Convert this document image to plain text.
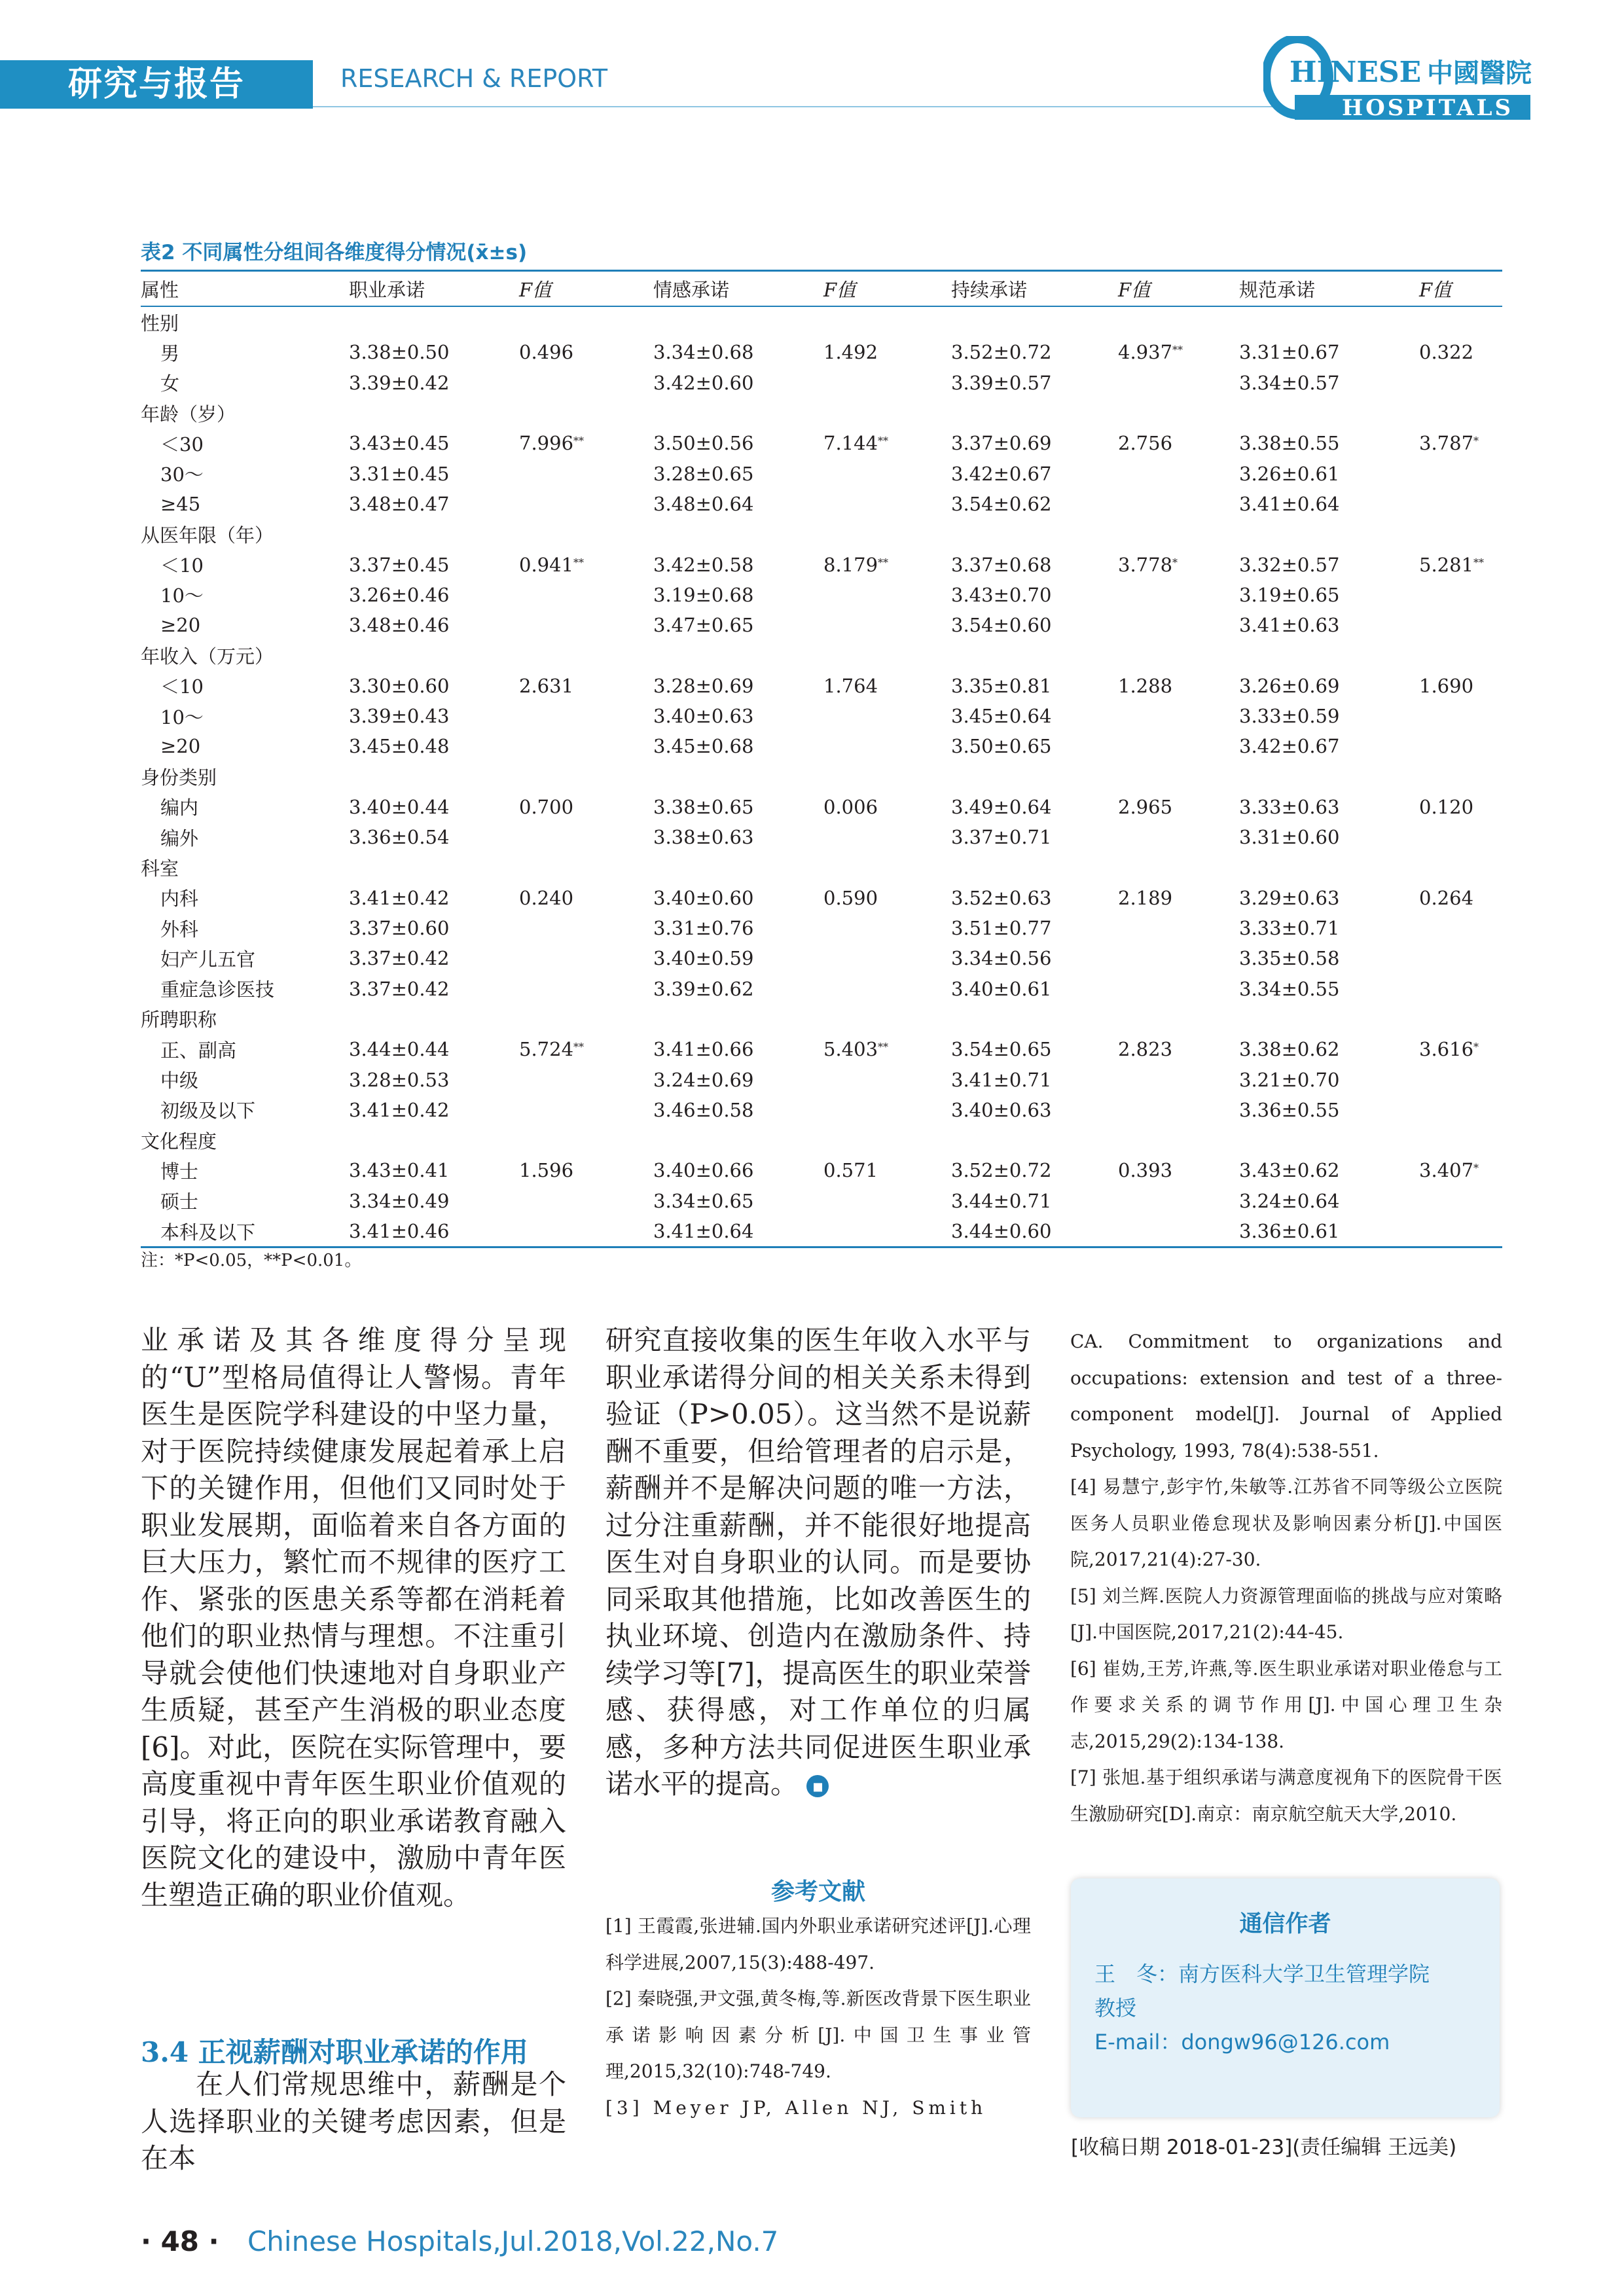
研究与报告	RESEARCH & REPORT	HINESE 中國醫院
HOSPITALS
表2 不同属性分组间各维度得分情况(x̄±s)
属性	职业承诺	F值	情感承诺	F值	持续承诺	F值	规范承诺	F值
性别								
男	3.38±0.50	0.496	3.34±0.68	1.492	3.52±0.72	4.937**	3.31±0.67	0.322
女	3.39±0.42		3.42±0.60		3.39±0.57		3.34±0.57	
年龄（岁）								
＜30	3.43±0.45	7.996**	3.50±0.56	7.144**	3.37±0.69	2.756	3.38±0.55	3.787*
30～	3.31±0.45		3.28±0.65		3.42±0.67		3.26±0.61	
≥45	3.48±0.47		3.48±0.64		3.54±0.62		3.41±0.64	
从医年限（年）								
＜10	3.37±0.45	0.941**	3.42±0.58	8.179**	3.37±0.68	3.778*	3.32±0.57	5.281**
10～	3.26±0.46		3.19±0.68		3.43±0.70		3.19±0.65	
≥20	3.48±0.46		3.47±0.65		3.54±0.60		3.41±0.63	
年收入（万元）								
＜10	3.30±0.60	2.631	3.28±0.69	1.764	3.35±0.81	1.288	3.26±0.69	1.690
10～	3.39±0.43		3.40±0.63		3.45±0.64		3.33±0.59	
≥20	3.45±0.48		3.45±0.68		3.50±0.65		3.42±0.67	
身份类别								
编内	3.40±0.44	0.700	3.38±0.65	0.006	3.49±0.64	2.965	3.33±0.63	0.120
编外	3.36±0.54		3.38±0.63		3.37±0.71		3.31±0.60	
科室								
内科	3.41±0.42	0.240	3.40±0.60	0.590	3.52±0.63	2.189	3.29±0.63	0.264
外科	3.37±0.60		3.31±0.76		3.51±0.77		3.33±0.71	
妇产儿五官	3.37±0.42		3.40±0.59		3.34±0.56		3.35±0.58	
重症急诊医技	3.37±0.42		3.39±0.62		3.40±0.61		3.34±0.55	
所聘职称								
正、副高	3.44±0.44	5.724**	3.41±0.66	5.403**	3.54±0.65	2.823	3.38±0.62	3.616*
中级	3.28±0.53		3.24±0.69		3.41±0.71		3.21±0.70	
初级及以下	3.41±0.42		3.46±0.58		3.40±0.63		3.36±0.55	
文化程度								
博士	3.43±0.41	1.596	3.40±0.66	0.571	3.52±0.72	0.393	3.43±0.62	3.407*
硕士	3.34±0.49		3.34±0.65		3.44±0.71		3.24±0.64	
本科及以下	3.41±0.46		3.41±0.64		3.44±0.60		3.36±0.61	
注：*P<0.05，**P<0.01。

业承诺及其各维度得分呈现的“U”型格局值得让人警惕。青年医生是医院学科建设的中坚力量，对于医院持续健康发展起着承上启下的关键作用，但他们又同时处于职业发展期，面临着来自各方面的巨大压力，繁忙而不规律的医疗工作、紧张的医患关系等都在消耗着他们的职业热情与理想。不注重引导就会使他们快速地对自身职业产生质疑，甚至产生消极的职业态度[6]。对此，医院在实际管理中，要高度重视中青年医生职业价值观的引导，将正向的职业承诺教育融入医院文化的建设中，激励中青年医生塑造正确的职业价值观。

3.4 正视薪酬对职业承诺的作用

在人们常规思维中，薪酬是个人选择职业的关键考虑因素，但是在本

研究直接收集的医生年收入水平与职业承诺得分间的相关关系未得到验证（P>0.05）。这当然不是说薪酬不重要，但给管理者的启示是，薪酬并不是解决问题的唯一方法，过分注重薪酬，并不能很好地提高医生对自身职业的认同。而是要协同采取其他措施，比如改善医生的执业环境、创造内在激励条件、持续学习等[7]，提高医生的职业荣誉感、获得感，对工作单位的归属感，多种方法共同促进医生职业承诺水平的提高。 ◼

参考文献

[1] 王霞霞,张进辅.国内外职业承诺研究述评[J].心理科学进展,2007,15(3):488-497.

[2] 秦晓强,尹文强,黄冬梅,等.新医改背景下医生职业承诺影响因素分析[J].中国卫生事业管理,2015,32(10):748-749.

[3] Meyer JP, Allen NJ, Smith

CA. Commitment to organizations and occupations: extension and test of a three-component model[J]. Journal of Applied Psychology, 1993, 78(4):538-551.

[4] 易慧宁,彭宇竹,朱敏等.江苏省不同等级公立医院医务人员职业倦怠现状及影响因素分析[J].中国医院,2017,21(4):27-30.

[5] 刘兰辉.医院人力资源管理面临的挑战与应对策略[J].中国医院,2017,21(2):44-45.

[6] 崔妫,王芳,许燕,等.医生职业承诺对职业倦怠与工作要求关系的调节作用[J].中国心理卫生杂志,2015,29(2):134-138.

[7] 张旭.基于组织承诺与满意度视角下的医院骨干医生激励研究[D].南京：南京航空航天大学,2010.

通信作者
王　冬：南方医科大学卫生管理学院
教授
E-mail：dongw96@126.com
[收稿日期 2018-01-23](责任编辑 王远美)
· 48 · Chinese Hospitals,Jul.2018,Vol.22,No.7
